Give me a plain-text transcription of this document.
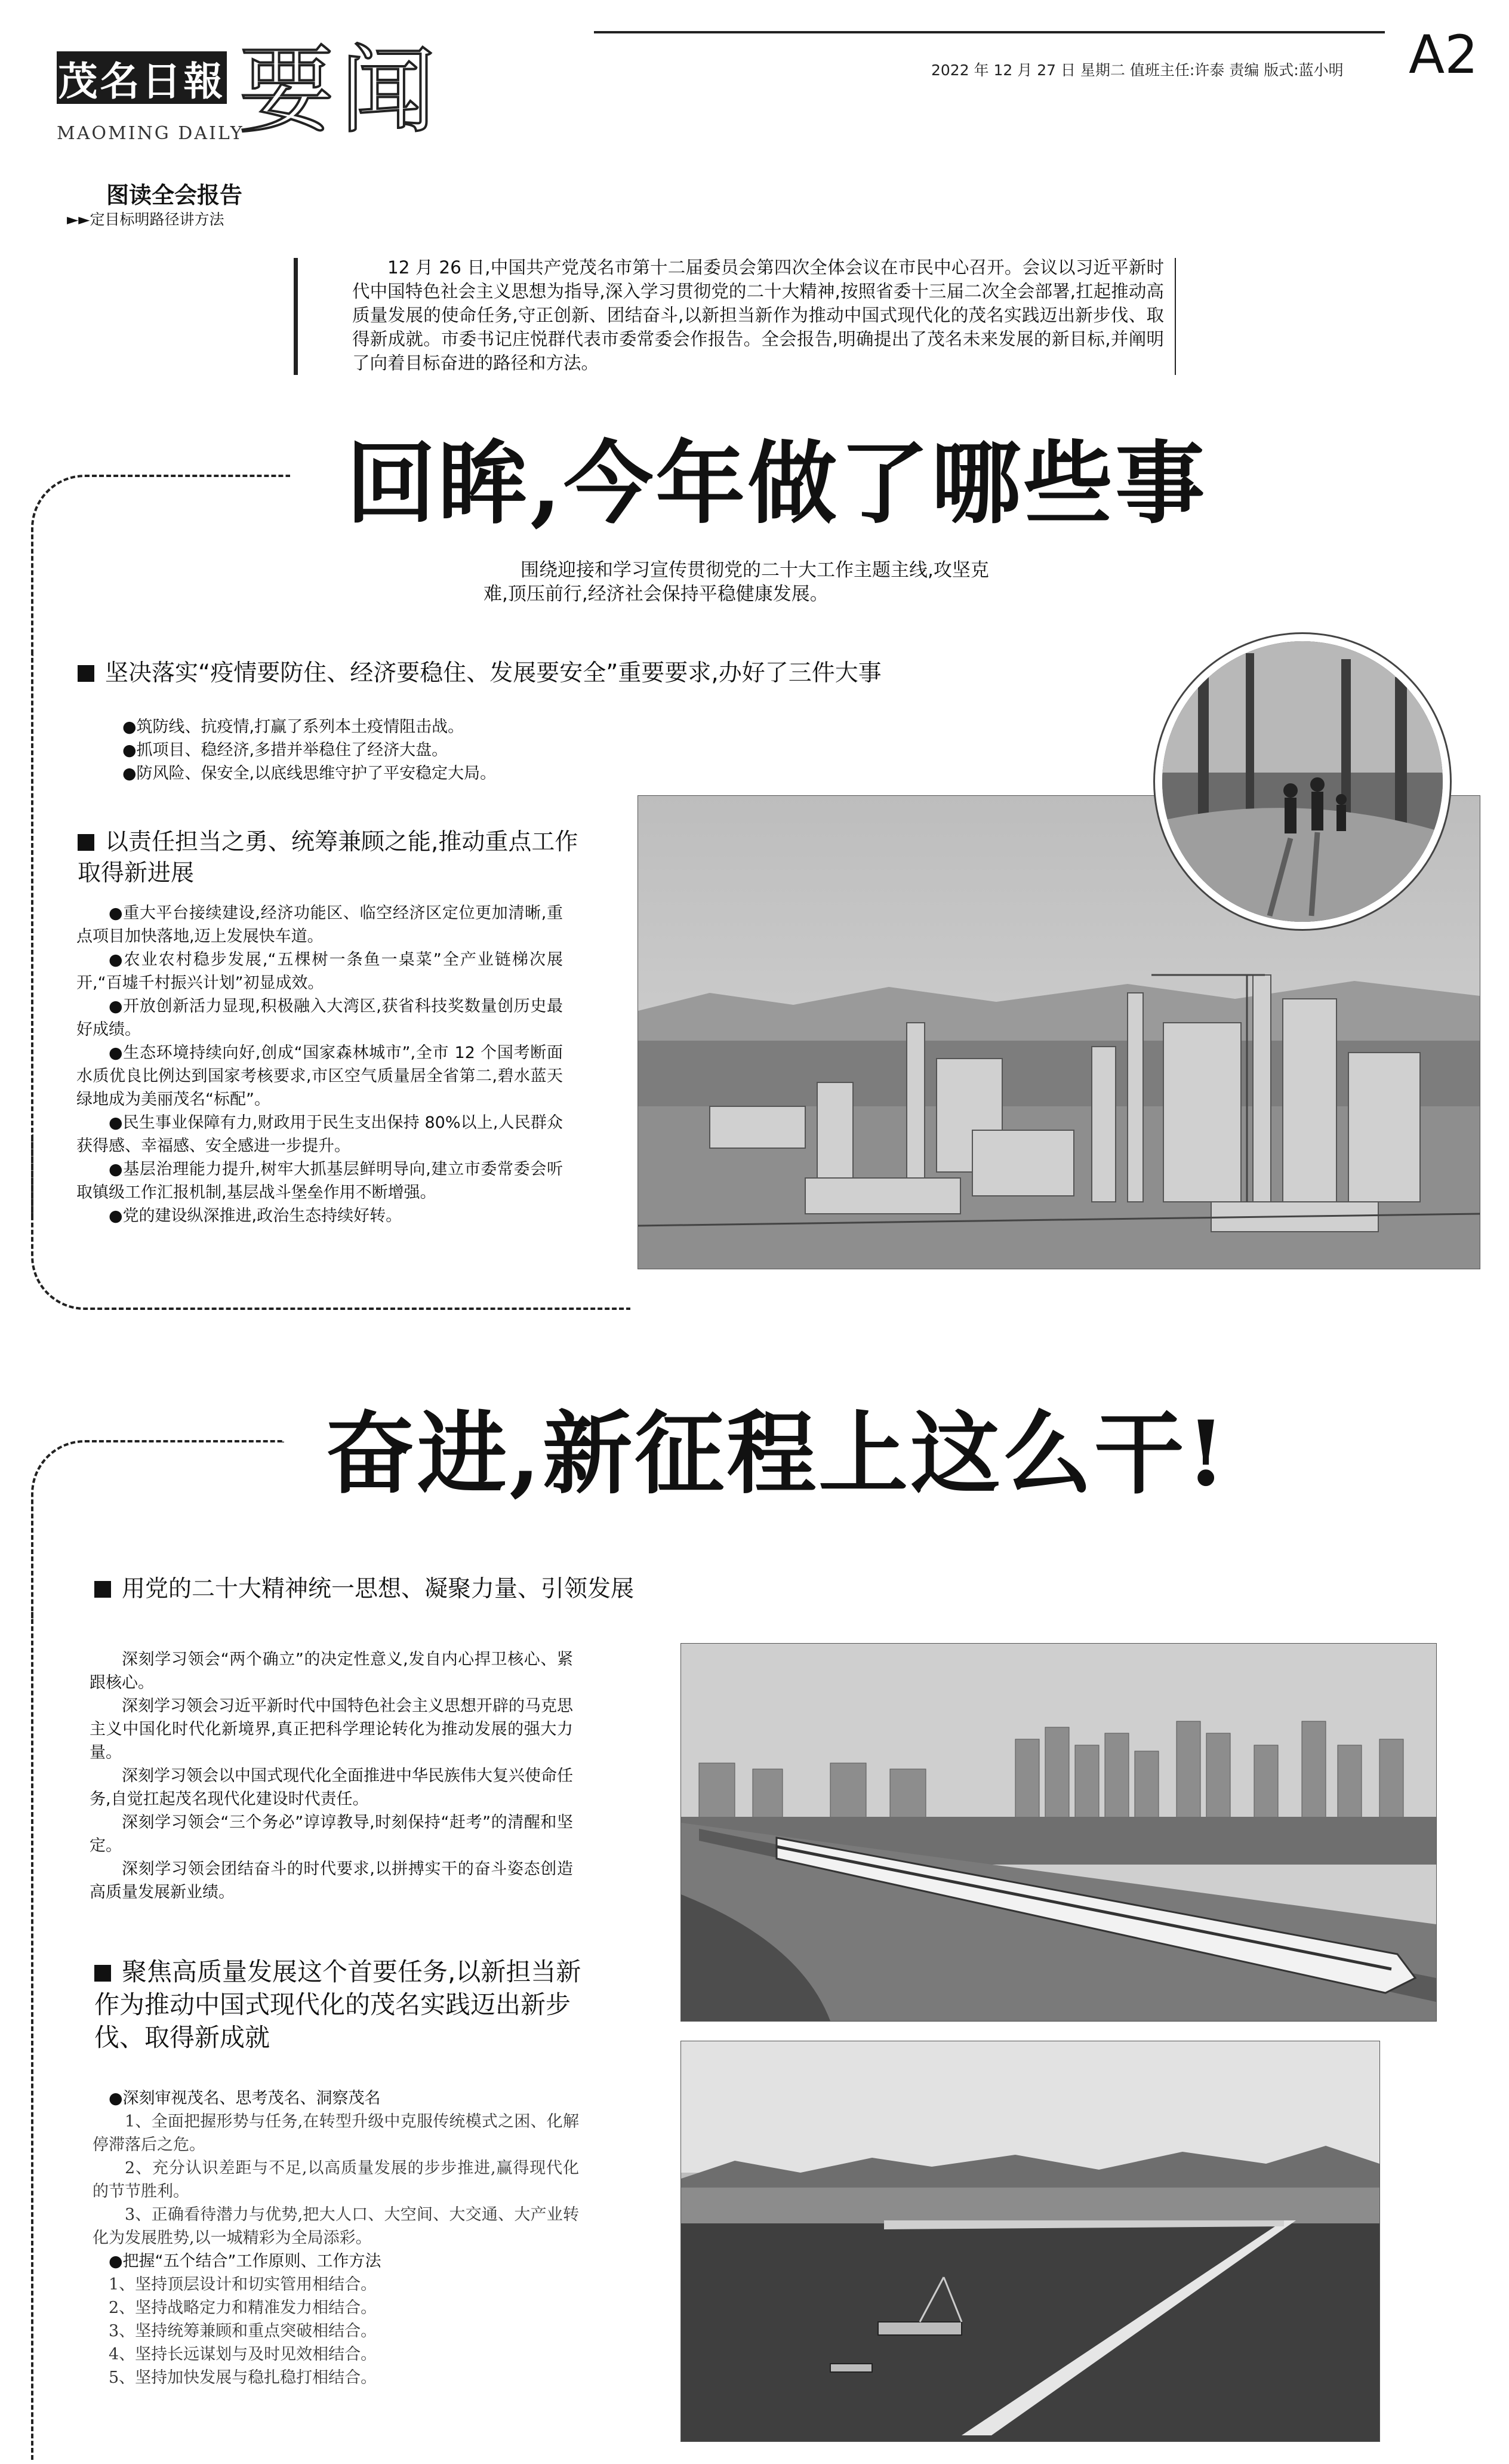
茂名日報
MAOMING DAILY
要闻	2022 年 12 月 27 日 星期二 值班主任:许泰 责编 版式:蓝小明 A2
图读全会报告
►►定目标明路径讲方法
12 月 26 日,中国共产党茂名市第十二届委员会第四次全体会议在市民中心召开。会议以习近平新时代中国特色社会主义思想为指导,深入学习贯彻党的二十大精神,按照省委十三届二次全会部署,扛起推动高质量发展的使命任务,守正创新、团结奋斗,以新担当新作为推动中国式现代化的茂名实践迈出新步伐、取得新成就。市委书记庄悦群代表市委常委会作报告。全会报告,明确提出了茂名未来发展的新目标,并阐明了向着目标奋进的路径和方法。
回眸,今年做了哪些事
围绕迎接和学习宣传贯彻党的二十大工作主题主线,攻坚克难,顶压前行,经济社会保持平稳健康发展。
坚决落实“疫情要防住、经济要稳住、发展要安全”重要要求,办好了三件大事

●筑防线、抗疫情,打赢了系列本土疫情阻击战。

●抓项目、稳经济,多措并举稳住了经济大盘。

●防风险、保安全,以底线思维守护了平安稳定大局。

以责任担当之勇、统筹兼顾之能,推动重点工作取得新进展

●重大平台接续建设,经济功能区、临空经济区定位更加清晰,重点项目加快落地,迈上发展快车道。

●农业农村稳步发展,“五棵树一条鱼一桌菜”全产业链梯次展开,“百墟千村振兴计划”初显成效。

●开放创新活力显现,积极融入大湾区,获省科技奖数量创历史最好成绩。

●生态环境持续向好,创成“国家森林城市”,全市 12 个国考断面水质优良比例达到国家考核要求,市区空气质量居全省第二,碧水蓝天绿地成为美丽茂名“标配”。

●民生事业保障有力,财政用于民生支出保持 80%以上,人民群众获得感、幸福感、安全感进一步提升。

●基层治理能力提升,树牢大抓基层鲜明导向,建立市委常委会听取镇级工作汇报机制,基层战斗堡垒作用不断增强。

●党的建设纵深推进,政治生态持续好转。

奋进,新征程上这么干!
用党的二十大精神统一思想、凝聚力量、引领发展

深刻学习领会“两个确立”的决定性意义,发自内心捍卫核心、紧跟核心。

深刻学习领会习近平新时代中国特色社会主义思想开辟的马克思主义中国化时代化新境界,真正把科学理论转化为推动发展的强大力量。

深刻学习领会以中国式现代化全面推进中华民族伟大复兴使命任务,自觉扛起茂名现代化建设时代责任。

深刻学习领会“三个务必”谆谆教导,时刻保持“赶考”的清醒和坚定。

深刻学习领会团结奋斗的时代要求,以拼搏实干的奋斗姿态创造高质量发展新业绩。

聚焦高质量发展这个首要任务,以新担当新作为推动中国式现代化的茂名实践迈出新步伐、取得新成就

●深刻审视茂名、思考茂名、洞察茂名

1、全面把握形势与任务,在转型升级中克服传统模式之困、化解停滞落后之危。

2、充分认识差距与不足,以高质量发展的步步推进,赢得现代化的节节胜利。

3、正确看待潜力与优势,把大人口、大空间、大交通、大产业转化为发展胜势,以一城精彩为全局添彩。

●把握“五个结合”工作原则、工作方法

1、坚持顶层设计和切实管用相结合。

2、坚持战略定力和精准发力相结合。

3、坚持统筹兼顾和重点突破相结合。

4、坚持长远谋划与及时见效相结合。

5、坚持加快发展与稳扎稳打相结合。
